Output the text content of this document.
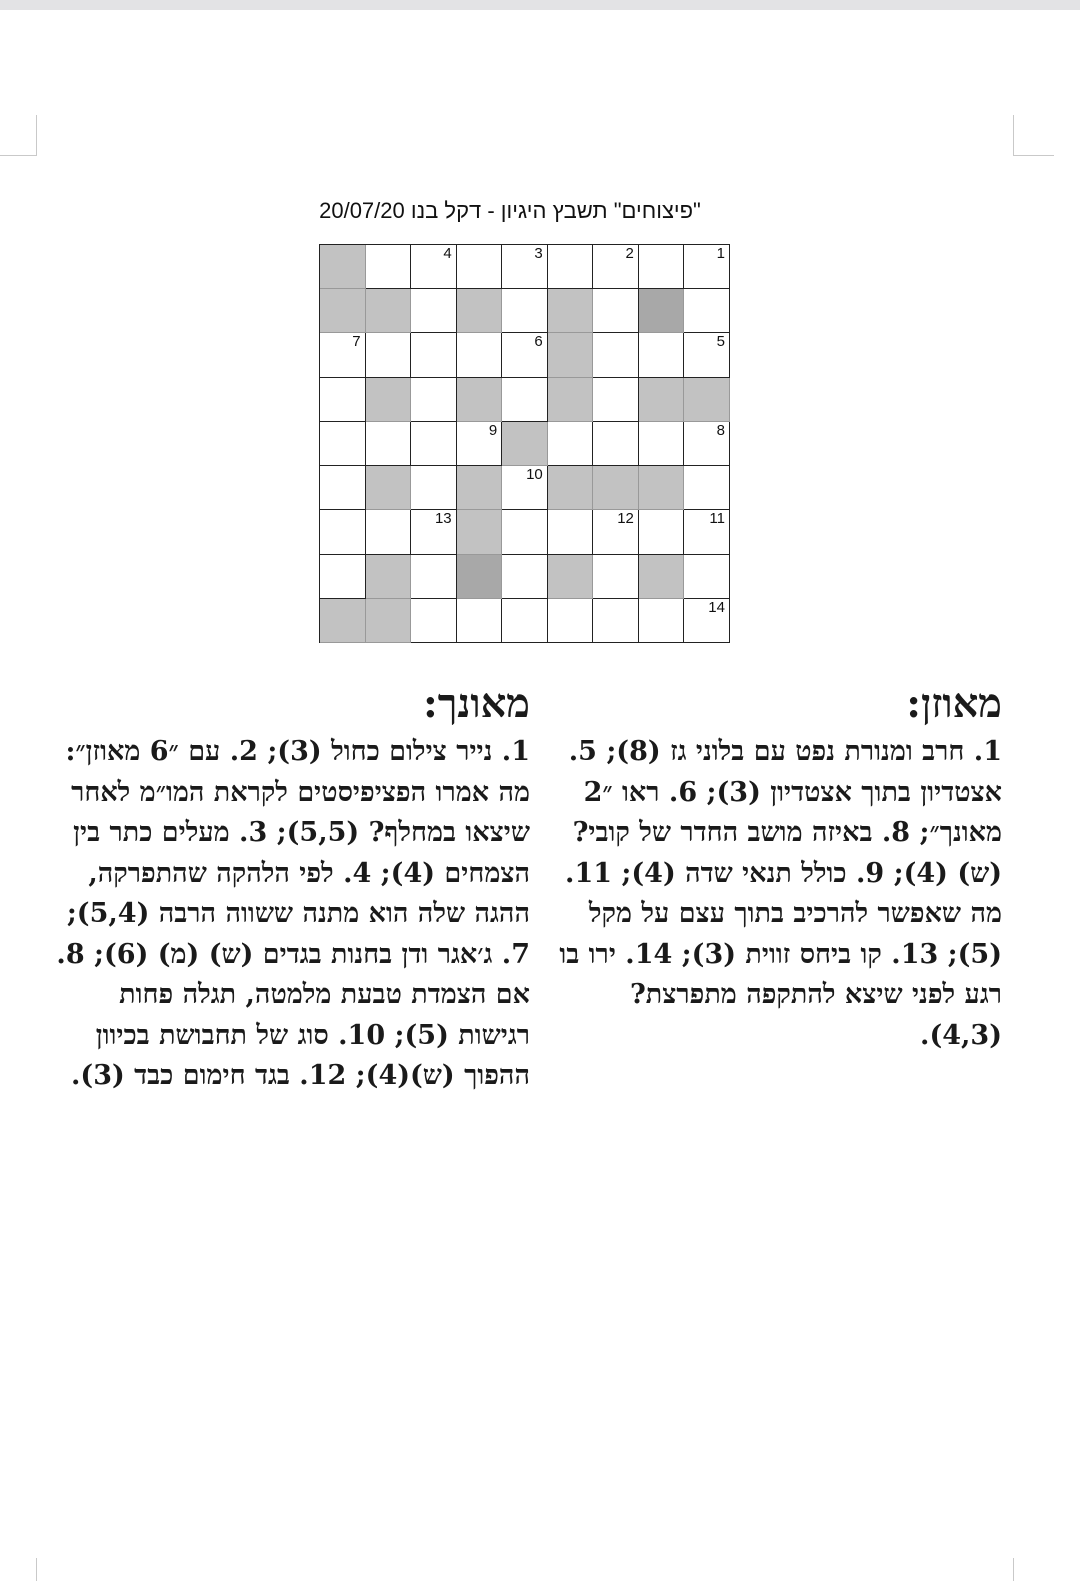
"פיצוחים" תשבץ היגיון - דקל בנו 20/07/20
1
2
3
4
5
6
7
8
9
10
11
12
13
14
מאוזן:
1. חרב ומנורת נפט עם בלוני גז (8); 5. אצטדיון בתוך אצטדיון (3); 6. ראו ״2 מאונך״; 8. באיזה מושב החדר של קובי? (ש) (4); 9. כולל תנאי שדה (4); 11. מה שאפשר להרכיב בתוך עצם על מקל (5); 13. קו ביחס זווית (3); 14. ירו בו רגע לפני שיצא להתקפה מתפרצת? (4,3).
מאונך:
1. נייר צילום כחול (3); 2. עם ״6 מאוזן״: מה אמרו הפציפיסטים לקראת המו״מ לאחר שיצאו במחלף? (5,5); 3. מעלים כתר בין הצמחים (4); 4. לפי הלהקה שהתפרקה, ההגה שלה הוא מתנה ששווה הרבה (5,4); 7. ג׳אגר ודן בחנות בגדים (ש) (מ) (6); 8. אם הצמדת טבעת מלמטה, תגלה פחות רגישות (5); 10. סוג של תחבושת בכיוון ההפוך (ש)(4); 12. בגד חימום כבד (3).
